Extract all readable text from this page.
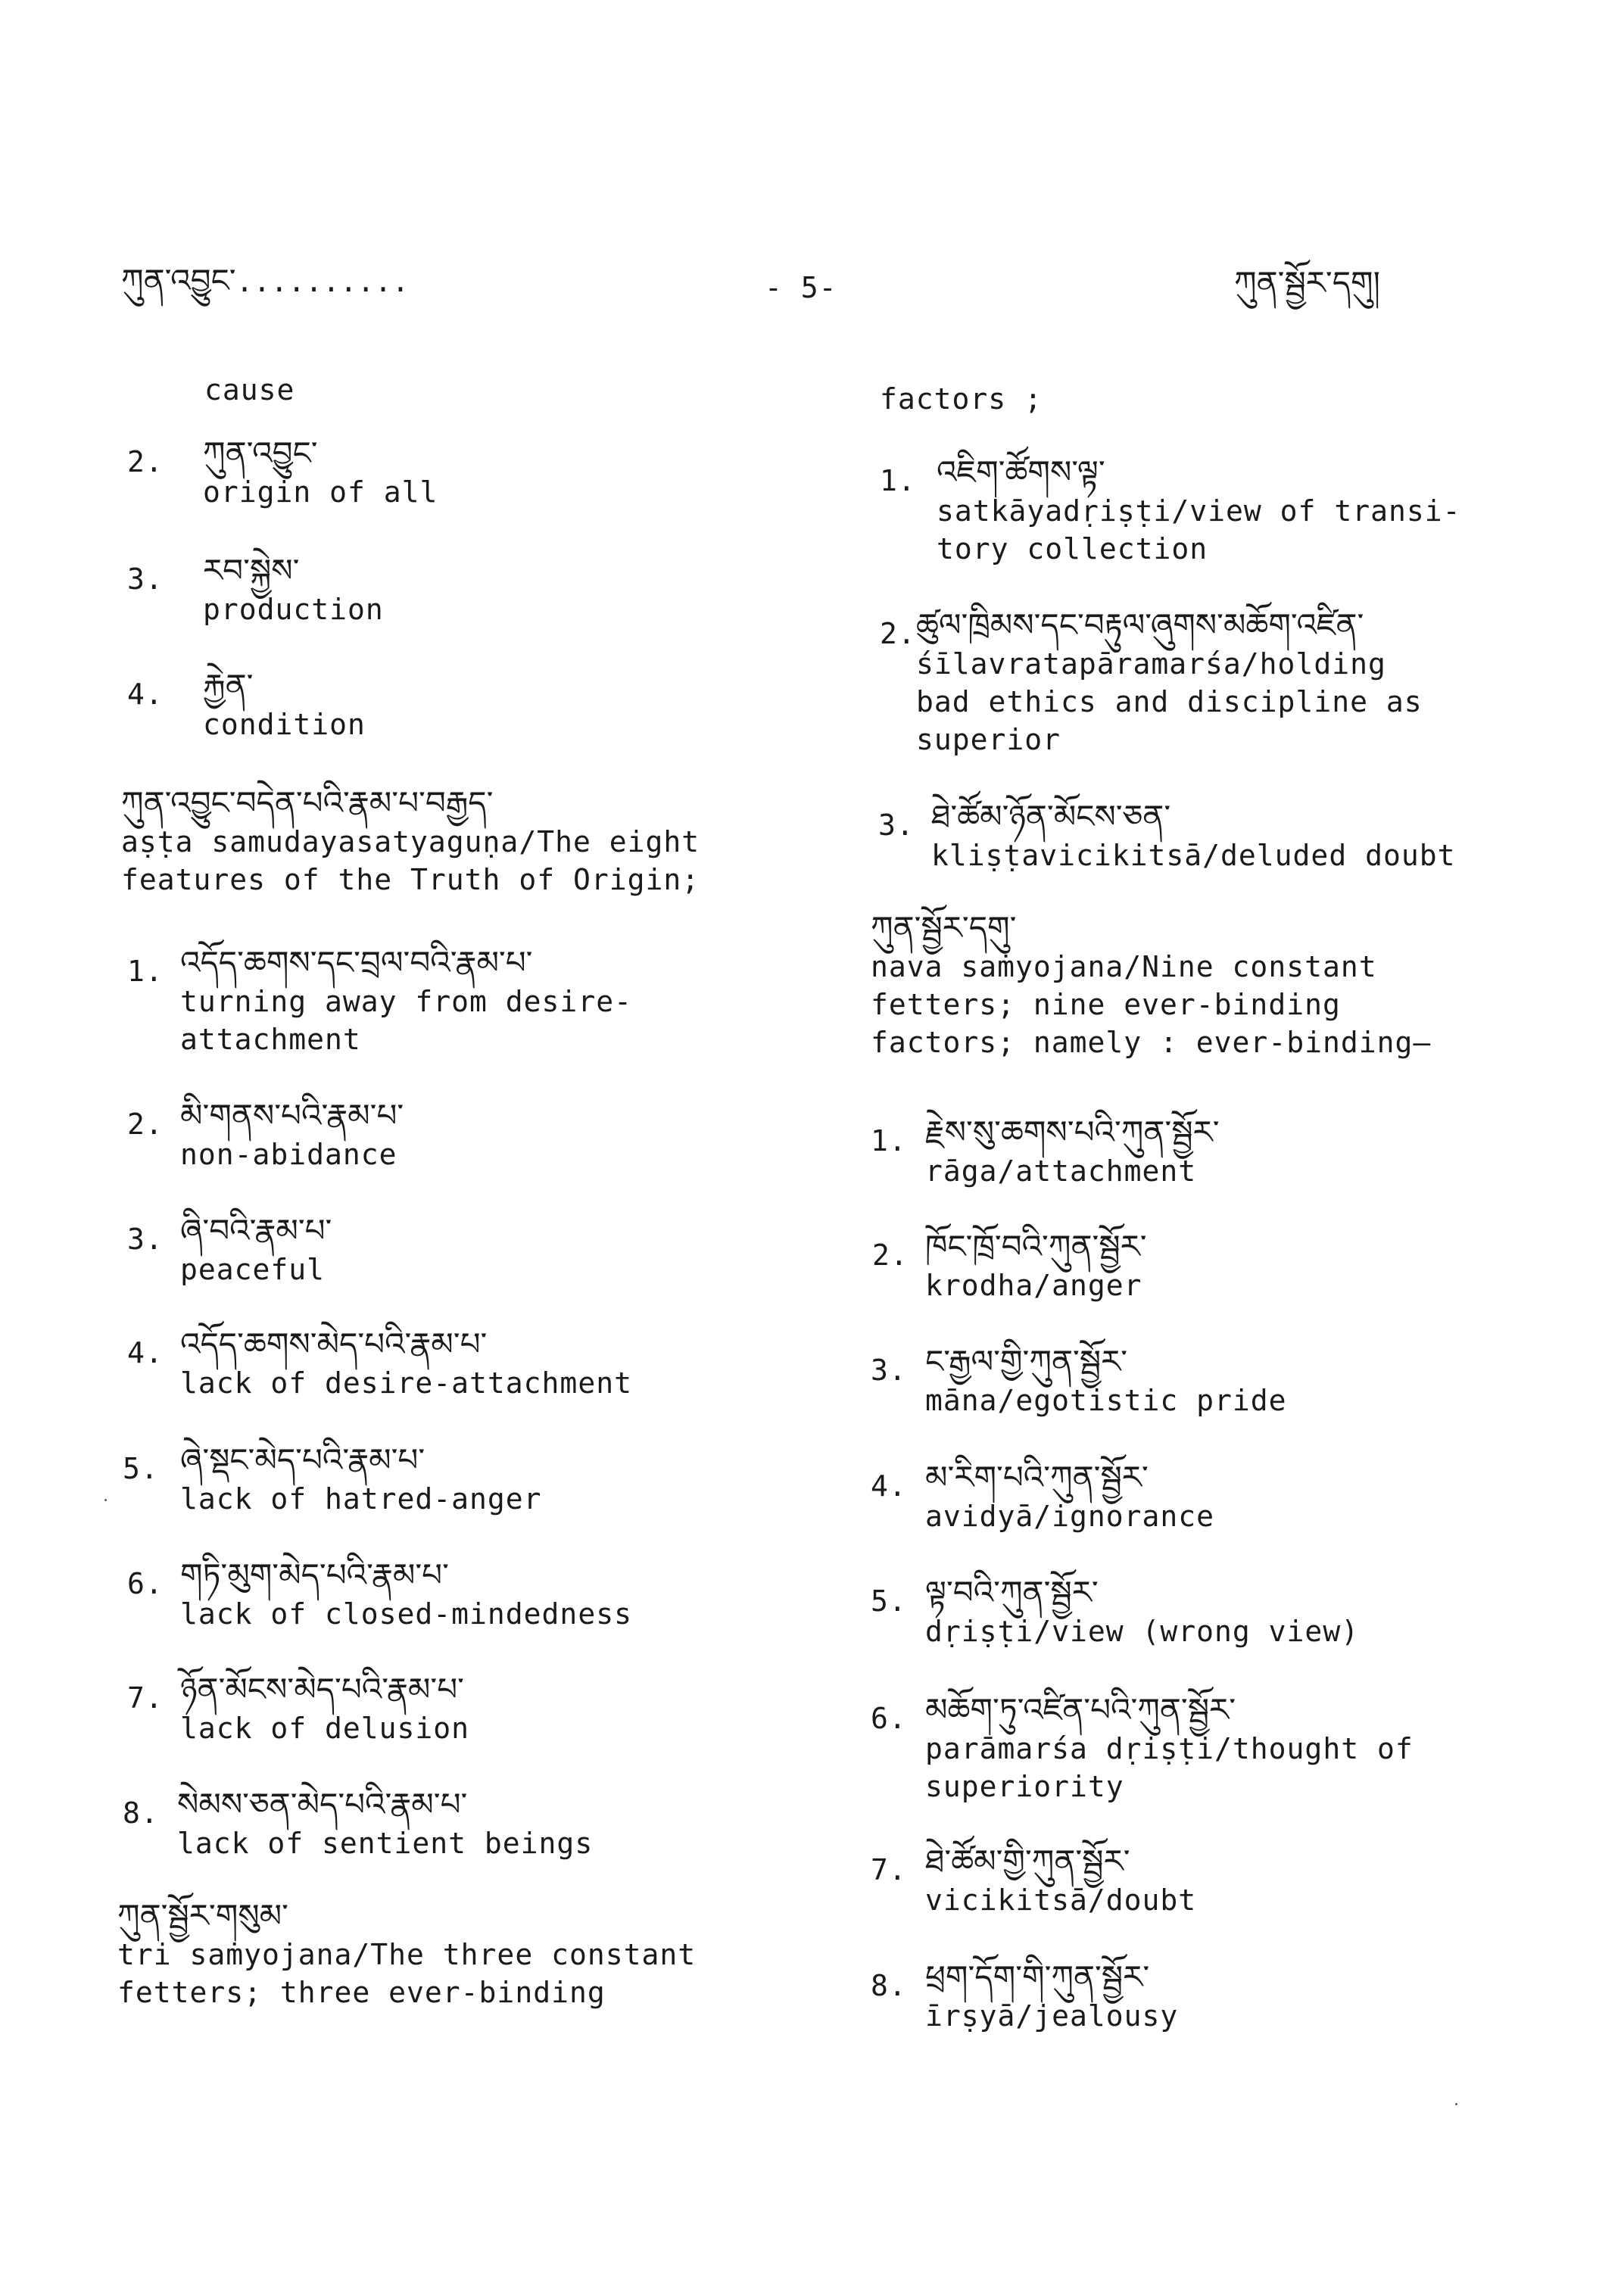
ཀུན་འབྱུང་..........	- 5-	ཀུན་སྦྱོར་དགུ།
cause
2. ཀུན་འབྱུང་
origin of all
3. རབ་སྐྱེས་
production
4. རྐྱེན་
condition
ཀུན་འབྱུང་བདེན་པའི་རྣམ་པ་བརྒྱད་
aṣṭa samudayasatyaguṇa/The eight
features of the Truth of Origin;
1. འདོད་ཆགས་དང་བྲལ་བའི་རྣམ་པ་
turning away from desire-
attachment
2. མི་གནས་པའི་རྣམ་པ་
non-abidance
3. ཞི་བའི་རྣམ་པ་
peaceful
4. འདོད་ཆགས་མེད་པའི་རྣམ་པ་
lack of desire-attachment
5. ཞེ་སྡང་མེད་པའི་རྣམ་པ་
lack of hatred-anger
6. གཏི་མུག་མེད་པའི་རྣམ་པ་
lack of closed-mindedness
7. ཉོན་མོངས་མེད་པའི་རྣམ་པ་
lack of delusion
8. སེམས་ཅན་མེད་པའི་རྣམ་པ་
lack of sentient beings
ཀུན་སྦྱོར་གསུམ་
tri saṁyojana/The three constant
fetters; three ever-binding
factors ;
1. འཇིག་ཚོགས་ལྟ་
satkāyadṛiṣṭi/view of transi-
tory collection
2. ཚུལ་ཁྲིམས་དང་བརྟུལ་ཞུགས་མཆོག་འཛིན་
śīlavratapāramarśa/holding
bad ethics and discipline as
superior
3. ཐེ་ཚོམ་ཉོན་མོངས་ཅན་
kliṣṭavicikitsā/deluded doubt
ཀུན་སྦྱོར་དགུ་
nava saṁyojana/Nine constant
fetters; nine ever-binding
factors; namely : ever-binding—
1. རྗེས་སུ་ཆགས་པའི་ཀུན་སྦྱོར་
rāga/attachment
2. ཁོང་ཁྲོ་བའི་ཀུན་སྦྱོར་
krodha/anger
3. ང་རྒྱལ་གྱི་ཀུན་སྦྱོར་
māna/egotistic pride
4. མ་རིག་པའི་ཀུན་སྦྱོར་
avidyā/ignorance
5. ལྟ་བའི་ཀུན་སྦྱོར་
dṛiṣṭi/view (wrong view)
6. མཆོག་ཏུ་འཛིན་པའི་ཀུན་སྦྱོར་
parāmarśa dṛiṣṭi/thought of
superiority
7. ཐེ་ཚོམ་གྱི་ཀུན་སྦྱོར་
vicikitsā/doubt
8. ཕྲག་དོག་གི་ཀུན་སྦྱོར་
īrṣyā/jealousy
